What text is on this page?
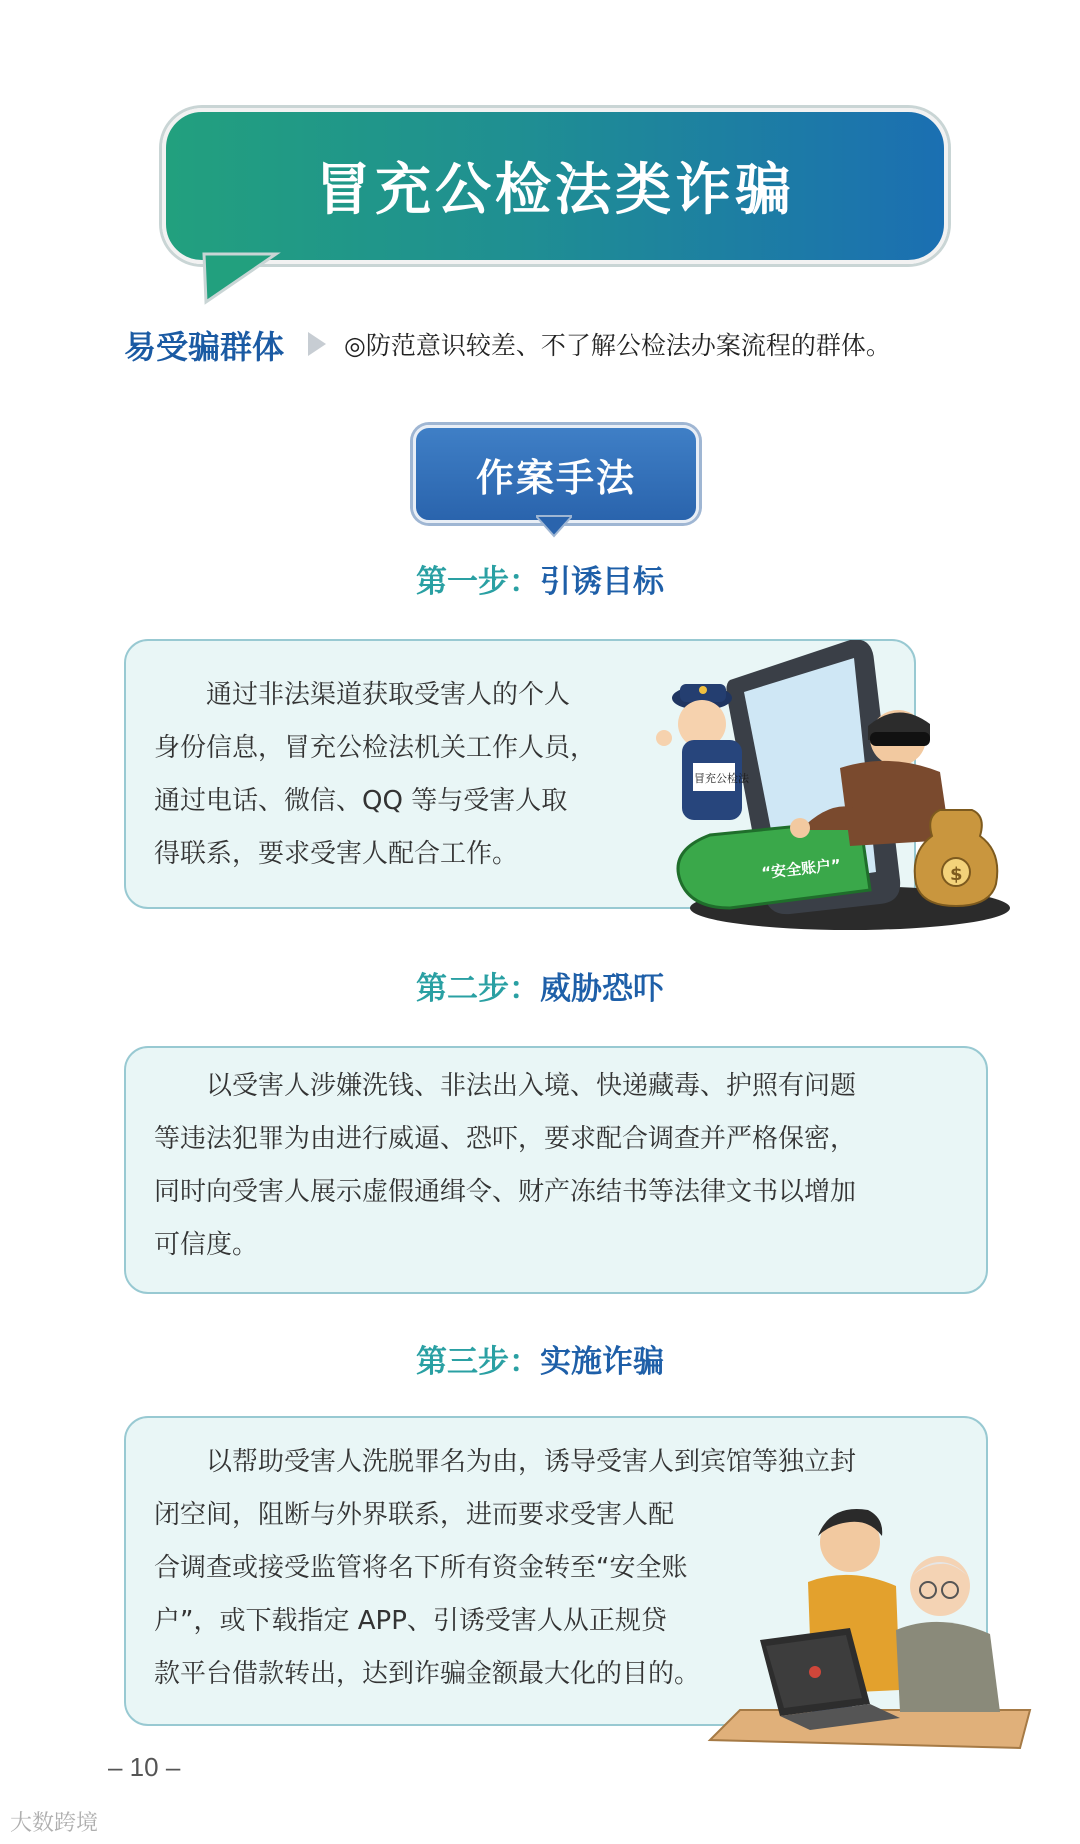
冒充公检法类诈骗
易受骗群体 ◎防范意识较差、不了解公检法办案流程的群体。
作案手法
第一步：引诱目标

通过非法渠道获取受害人的个人

身份信息，冒充公检法机关工作人员，

通过电话、微信、QQ 等与受害人取

得联系，要求受害人配合工作。	“安全账户”
冒充公检法
$
第二步：威胁恐吓

以受害人涉嫌洗钱、非法出入境、快递藏毒、护照有问题

等违法犯罪为由进行威逼、恐吓，要求配合调查并严格保密，

同时向受害人展示虚假通缉令、财产冻结书等法律文书以增加

可信度。

第三步：实施诈骗

以帮助受害人洗脱罪名为由，诱导受害人到宾馆等独立封

闭空间，阻断与外界联系，进而要求受害人配

合调查或接受监管将名下所有资金转至“安全账

户”，或下载指定 APP、引诱受害人从正规贷

款平台借款转出，达到诈骗金额最大化的目的。

– 10 –
大数跨境
